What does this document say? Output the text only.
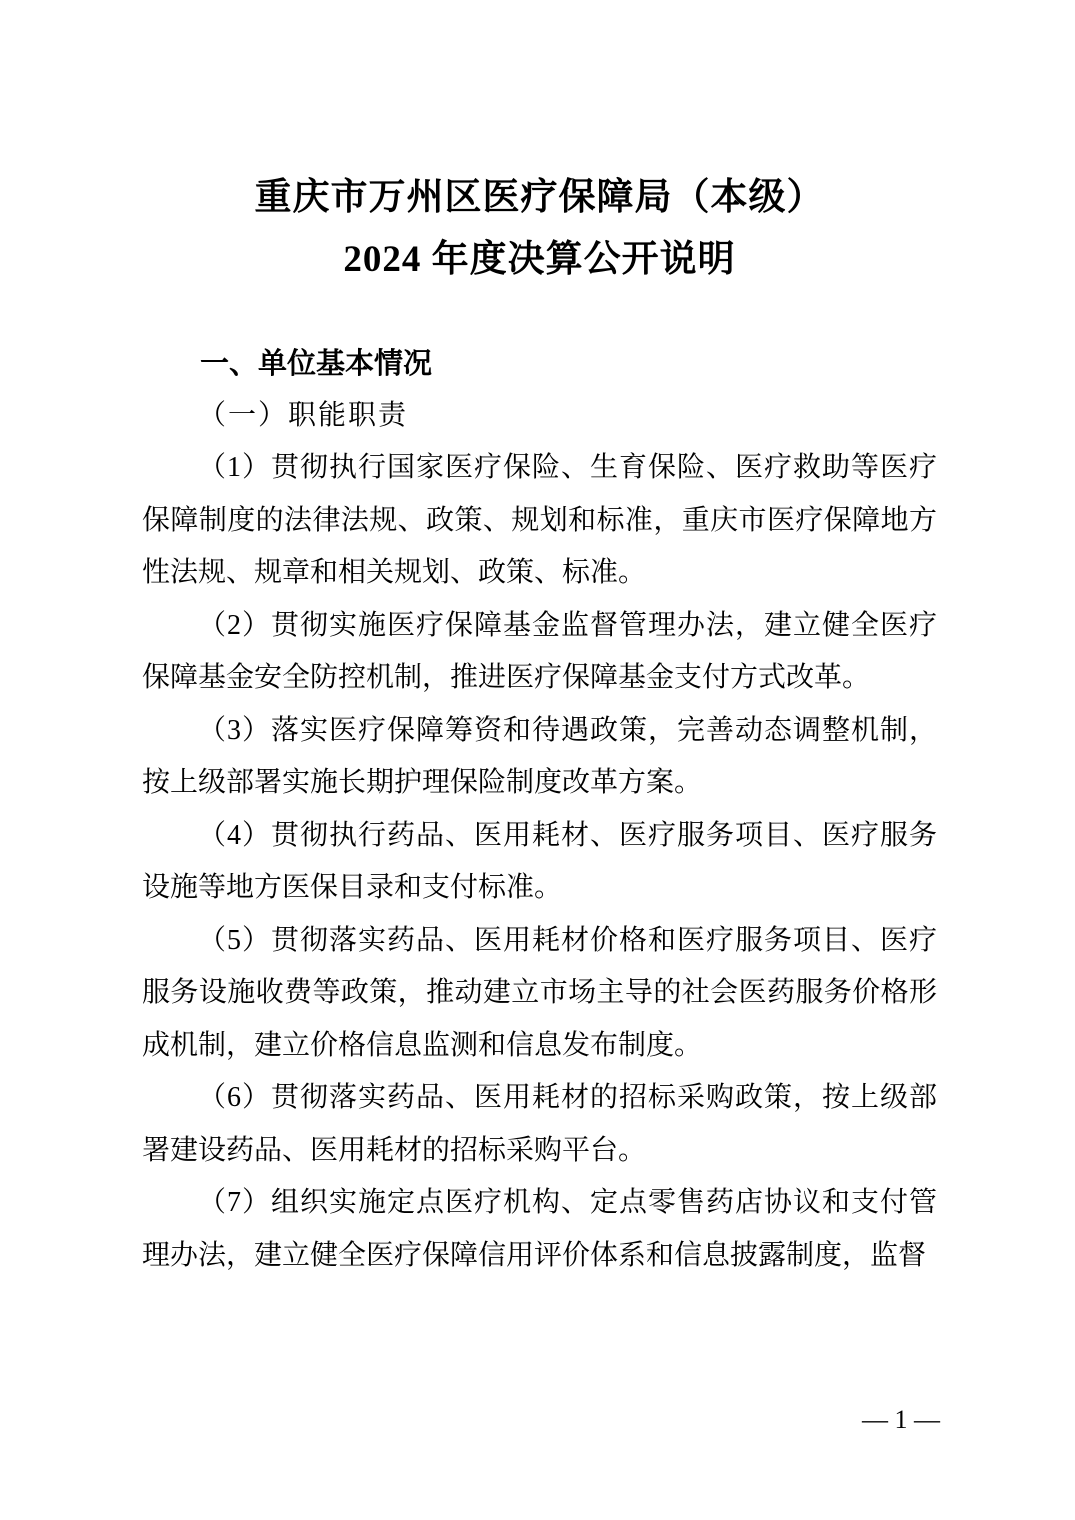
重庆市万州区医疗保障局（本级）
2024 年度决算公开说明
一、单位基本情况
（一）职能职责

（1）贯彻执行国家医疗保险、生育保险、医疗救助等医疗保障制度的法律法规、政策、规划和标准，重庆市医疗保障地方性法规、规章和相关规划、政策、标准。

（2）贯彻实施医疗保障基金监督管理办法，建立健全医疗保障基金安全防控机制，推进医疗保障基金支付方式改革。

（3）落实医疗保障筹资和待遇政策，完善动态调整机制，按上级部署实施长期护理保险制度改革方案。

（4）贯彻执行药品、医用耗材、医疗服务项目、医疗服务设施等地方医保目录和支付标准。

（5）贯彻落实药品、医用耗材价格和医疗服务项目、医疗服务设施收费等政策，推动建立市场主导的社会医药服务价格形成机制，建立价格信息监测和信息发布制度。

（6）贯彻落实药品、医用耗材的招标采购政策，按上级部署建设药品、医用耗材的招标采购平台。

（7）组织实施定点医疗机构、定点零售药店协议和支付管理办法，建立健全医疗保障信用评价体系和信息披露制度，监督

— 1 —
